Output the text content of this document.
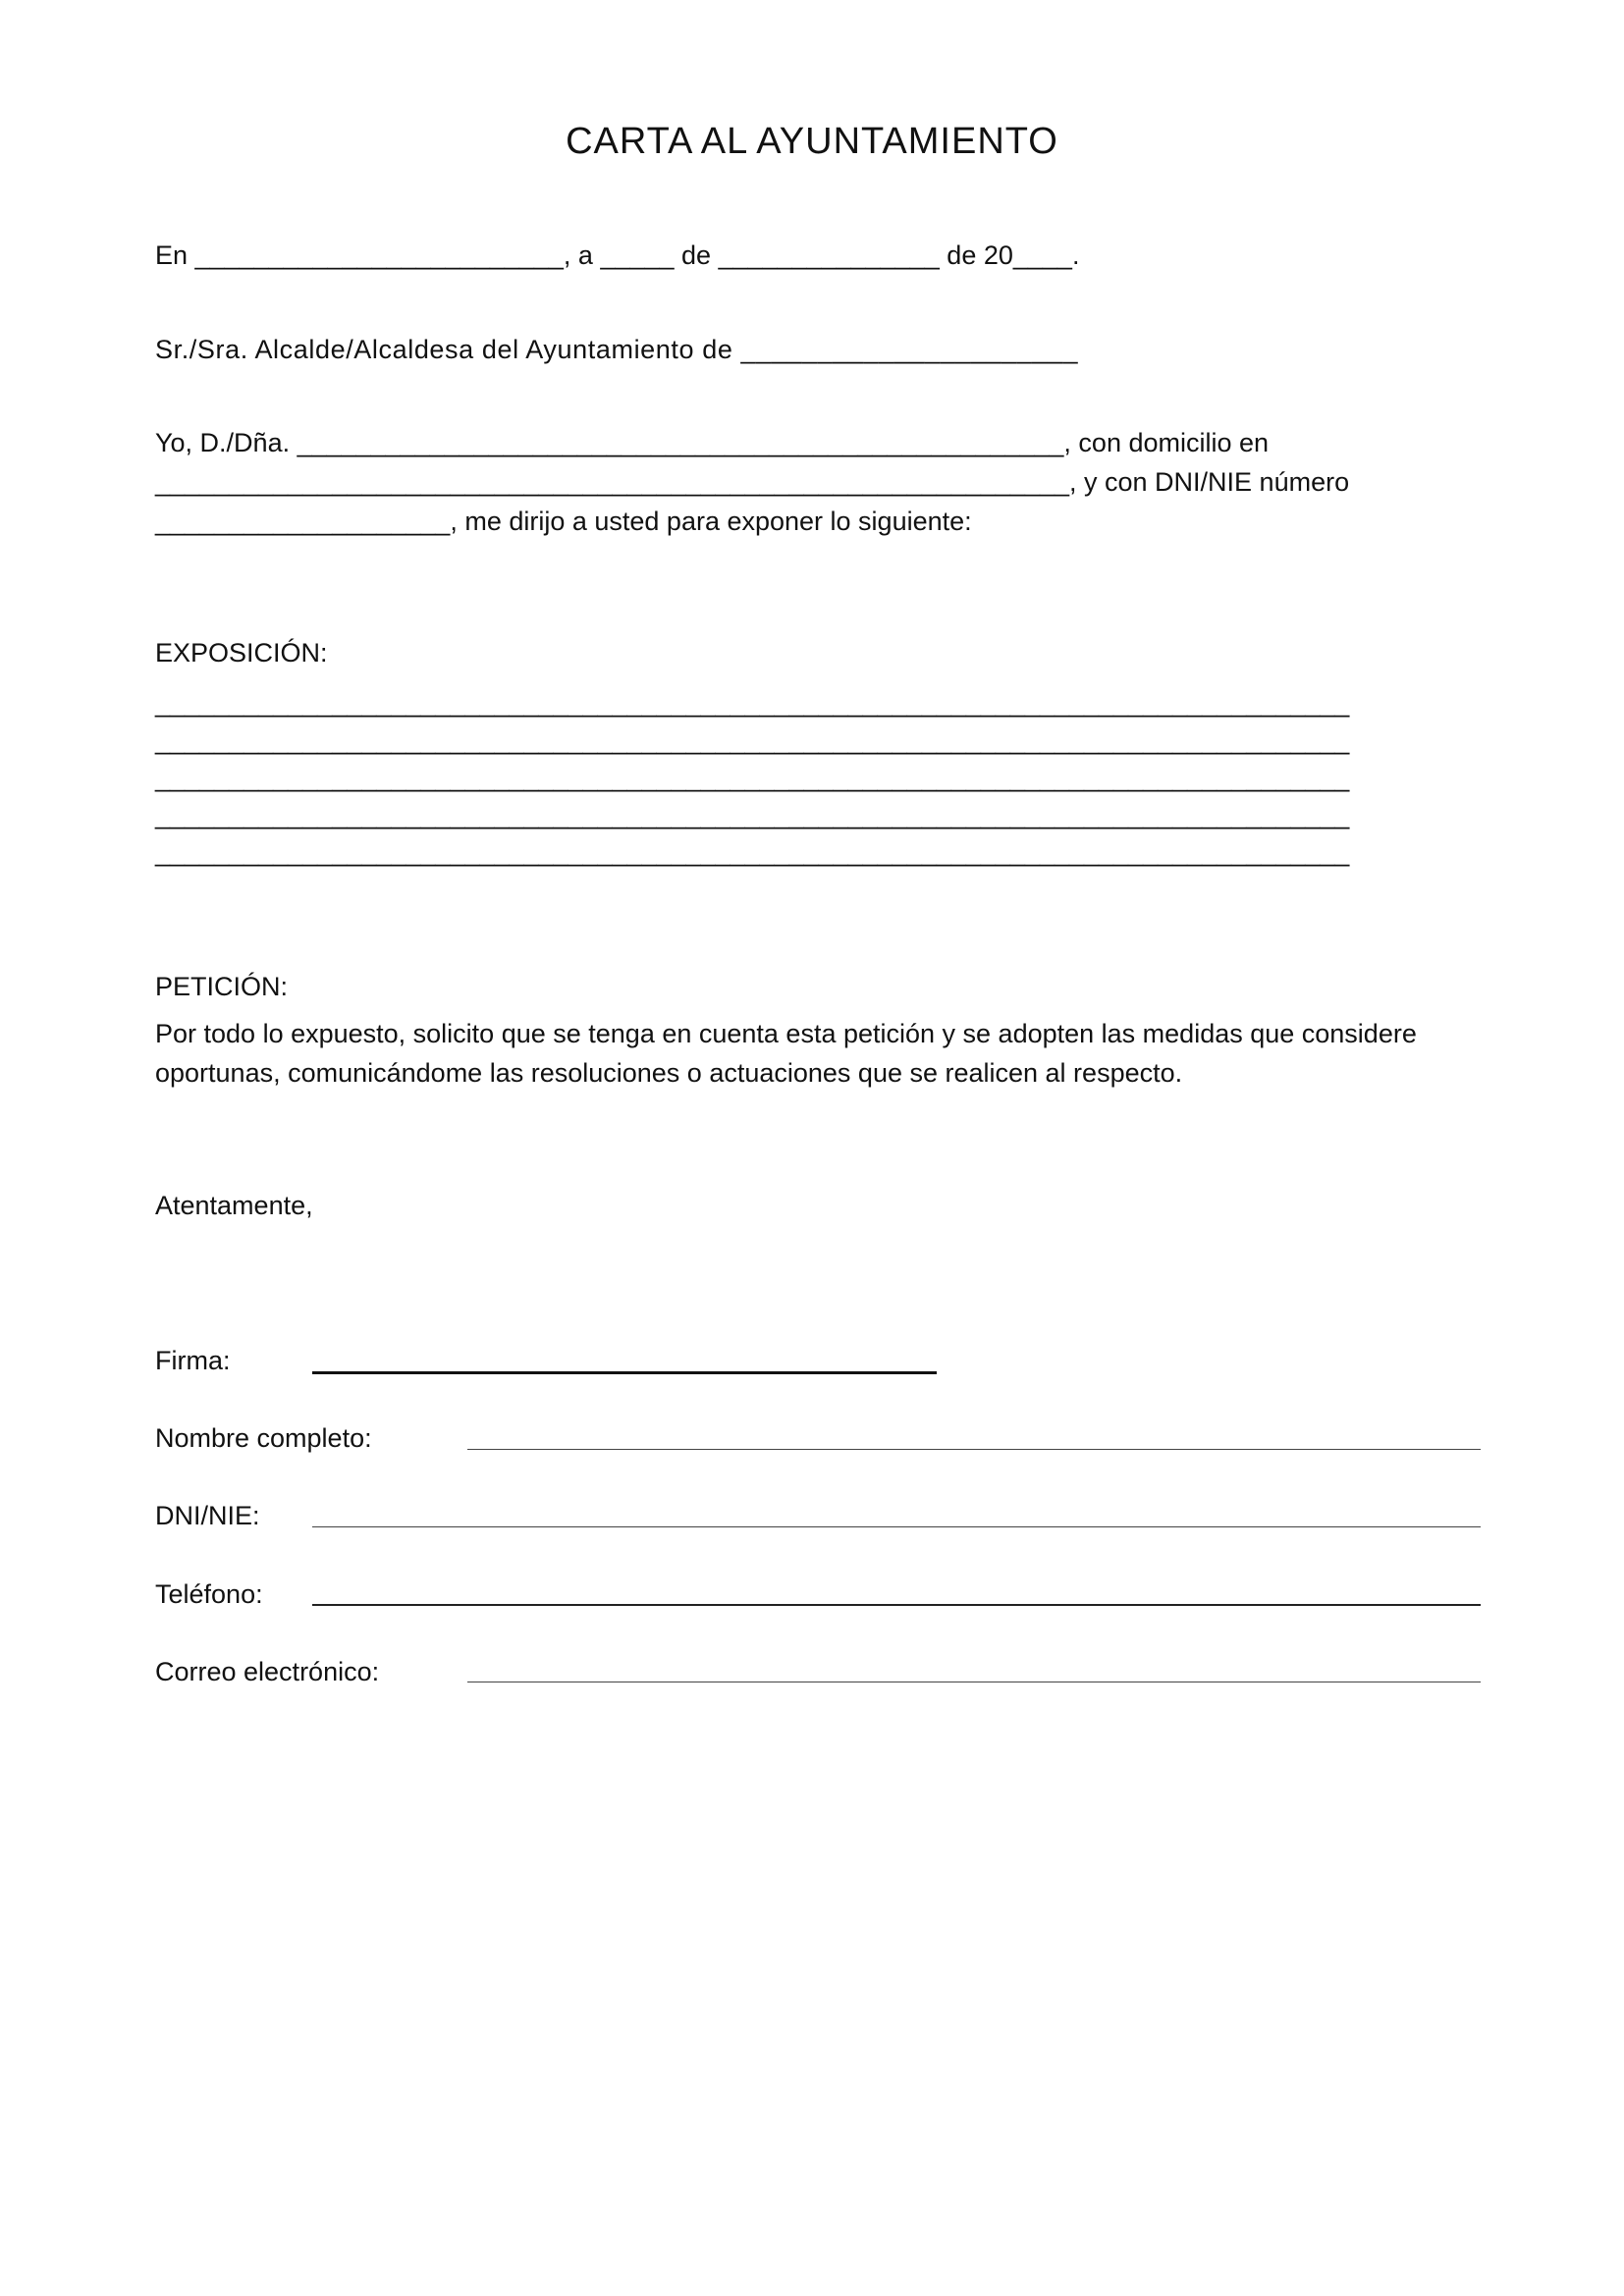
CARTA AL AYUNTAMIENTO
En _________________________, a _____ de _______________ de 20____.
Sr./Sra. Alcalde/Alcaldesa del Ayuntamiento de ______________________
Yo, D./Dña. ____________________________________________________, con domicilio en
______________________________________________________________, y con DNI/NIE número
____________________, me dirijo a usted para exponer lo siguiente:
EXPOSICIÓN:
_________________________________________________________________________________
_________________________________________________________________________________
_________________________________________________________________________________
_________________________________________________________________________________
_________________________________________________________________________________
PETICIÓN:
Por todo lo expuesto, solicito que se tenga en cuenta esta petición y se adopten las medidas que considere oportunas, comunicándome las resoluciones o actuaciones que se realicen al respecto.
Atentamente,
Firma:
Nombre completo:
DNI/NIE:
Teléfono:
Correo electrónico:
